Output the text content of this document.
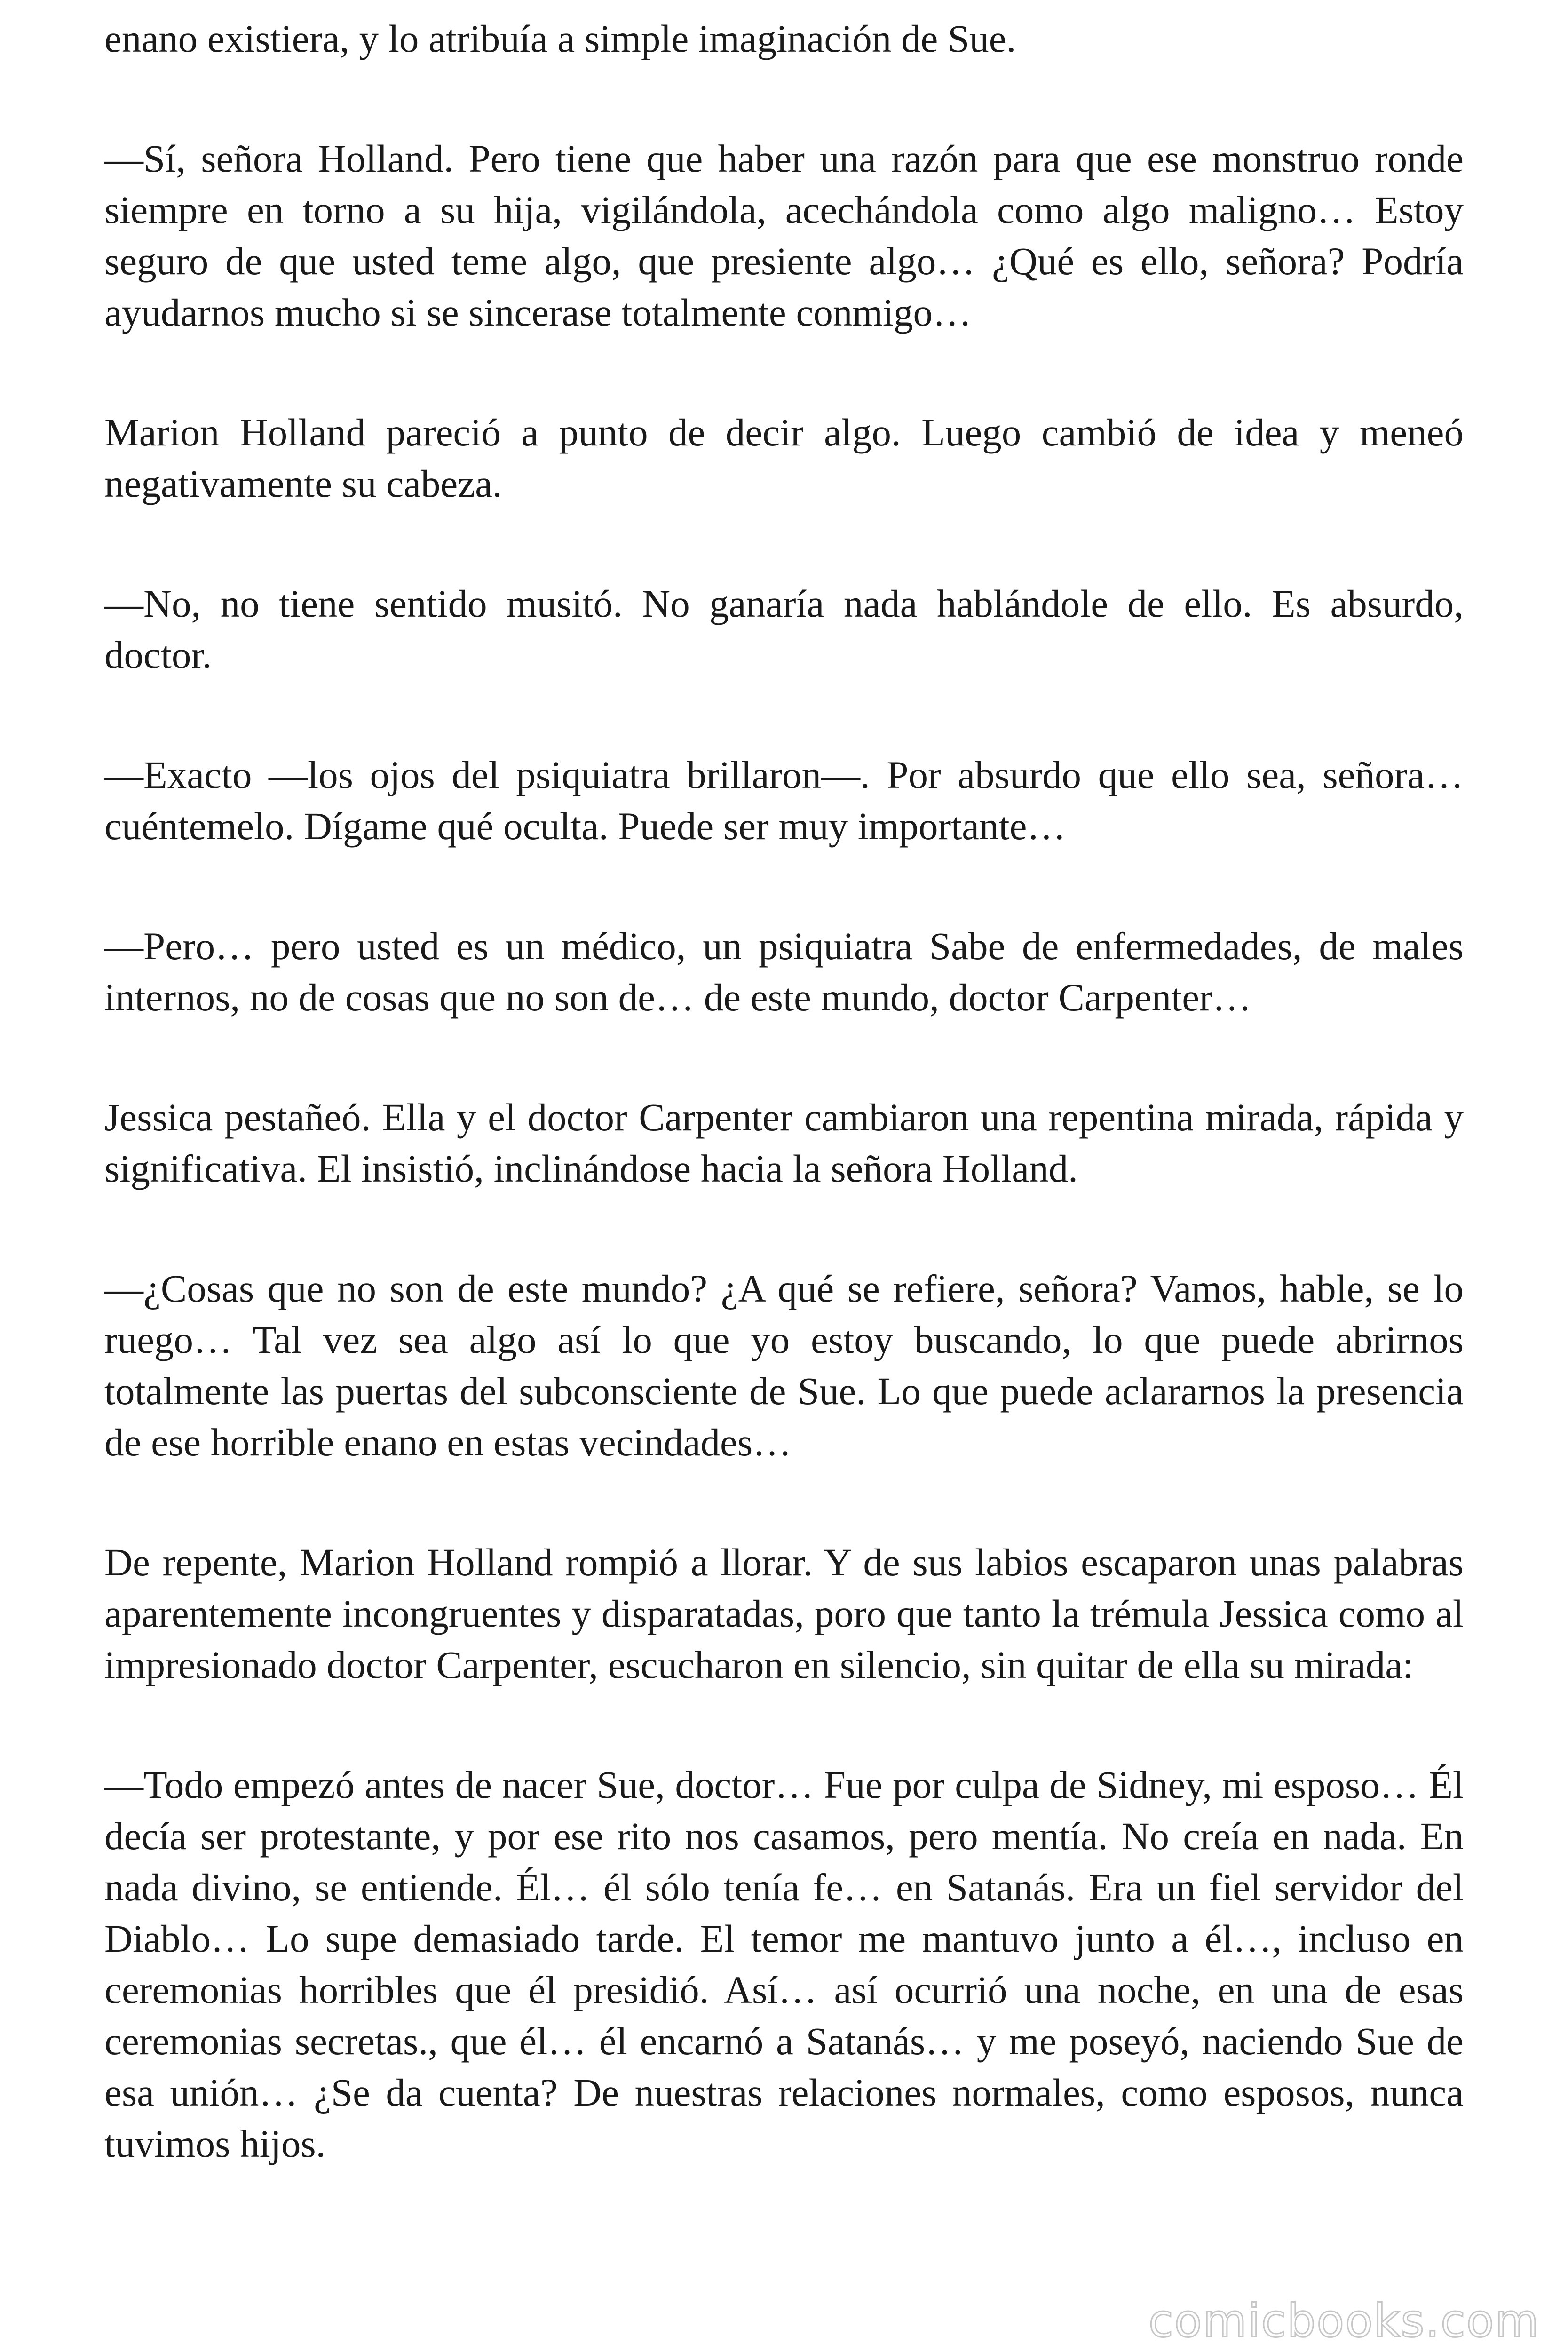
enano existiera, y lo atribuía a simple imaginación de Sue.

—Sí, señora Holland. Pero tiene que haber una razón para que ese monstruo ronde siempre en torno a su hija, vigilándola, acechándola como algo maligno… Estoy seguro de que usted teme algo, que presiente algo… ¿Qué es ello, señora? Podría ayudarnos mucho si se sincerase totalmente conmigo…

Marion Holland pareció a punto de decir algo. Luego cambió de idea y meneó negativamente su cabeza.

—No, no tiene sentido musitó. No ganaría nada hablándole de ello. Es absurdo, doctor.

—Exacto —los ojos del psiquiatra brillaron—. Por absurdo que ello sea, señora… cuéntemelo. Dígame qué oculta. Puede ser muy importante…

—Pero… pero usted es un médico, un psiquiatra Sabe de enfermedades, de males internos, no de cosas que no son de… de este mundo, doctor Carpenter…

Jessica pestañeó. Ella y el doctor Carpenter cambiaron una repentina mirada, rápida y significativa. El insistió, inclinándose hacia la señora Holland.

—¿Cosas que no son de este mundo? ¿A qué se refiere, señora? Vamos, hable, se lo ruego… Tal vez sea algo así lo que yo estoy buscando, lo que puede abrirnos totalmente las puertas del subconsciente de Sue. Lo que puede aclararnos la presencia de ese horrible enano en estas vecindades…

De repente, Marion Holland rompió a llorar. Y de sus labios escaparon unas palabras aparentemente incongruentes y disparatadas, poro que tanto la trémula Jessica como al impresionado doctor Carpenter, escucharon en silencio, sin quitar de ella su mirada:

—Todo empezó antes de nacer Sue, doctor… Fue por culpa de Sidney, mi esposo… Él decía ser protestante, y por ese rito nos casamos, pero mentía. No creía en nada. En nada divino, se entiende. Él… él sólo tenía fe… en Satanás. Era un fiel servidor del Diablo… Lo supe demasiado tarde. El temor me mantuvo junto a él…, incluso en ceremonias horribles que él presidió. Así… así ocurrió una noche, en una de esas ceremonias secretas., que él… él encarnó a Satanás… y me poseyó, naciendo Sue de esa unión… ¿Se da cuenta? De nuestras relaciones normales, como esposos, nunca tuvimos hijos.

comicbooks.com
